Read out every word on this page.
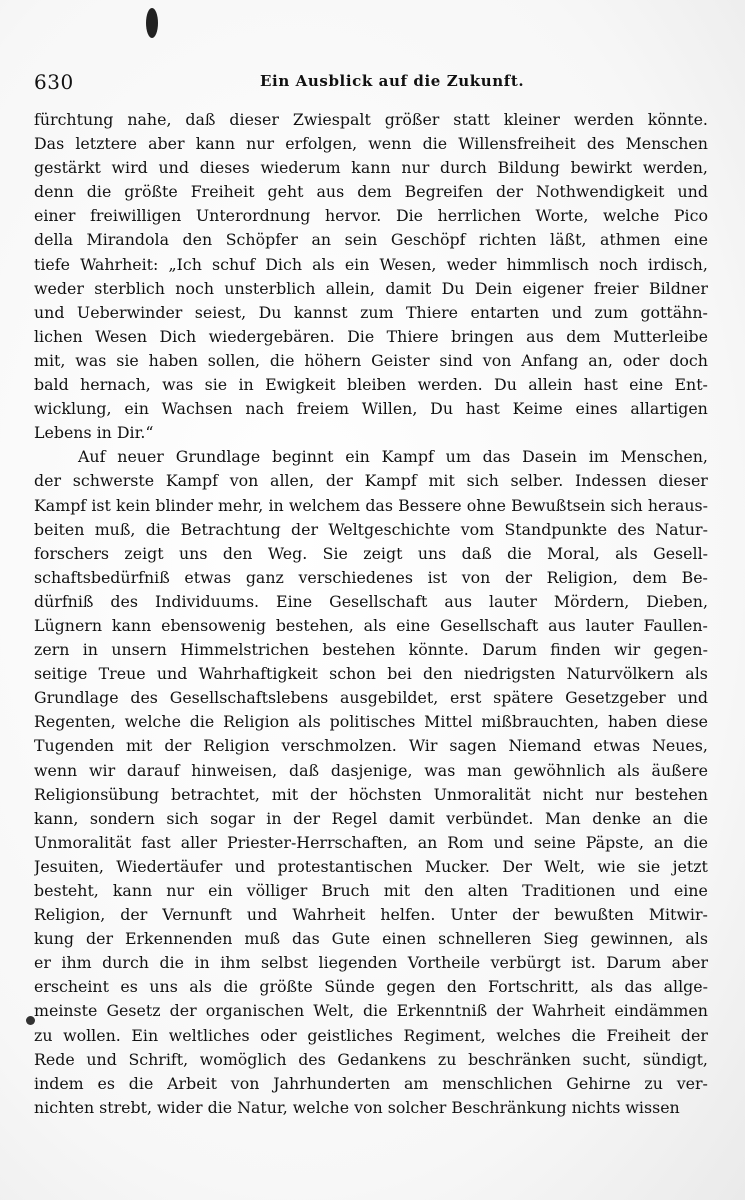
630	Ein Ausblick auf die Zukunft.
fürchtung nahe, daß dieser Zwiespalt größer statt kleiner werden könnte.
Das letztere aber kann nur erfolgen, wenn die Willensfreiheit des Menschen
gestärkt wird und dieses wiederum kann nur durch Bildung bewirkt werden,
denn die größte Freiheit geht aus dem Begreifen der Nothwendigkeit und
einer freiwilligen Unterordnung hervor. Die herrlichen Worte, welche Pico
della Mirandola den Schöpfer an sein Geschöpf richten läßt, athmen eine
tiefe Wahrheit: „Ich schuf Dich als ein Wesen, weder himmlisch noch irdisch,
weder sterblich noch unsterblich allein, damit Du Dein eigener freier Bildner
und Ueberwinder seiest, Du kannst zum Thiere entarten und zum gottähn-
lichen Wesen Dich wiedergebären. Die Thiere bringen aus dem Mutterleibe
mit, was sie haben sollen, die höhern Geister sind von Anfang an, oder doch
bald hernach, was sie in Ewigkeit bleiben werden. Du allein hast eine Ent-
wicklung, ein Wachsen nach freiem Willen, Du hast Keime eines allartigen
Lebens in Dir.“
Auf neuer Grundlage beginnt ein Kampf um das Dasein im Menschen,
der schwerste Kampf von allen, der Kampf mit sich selber. Indessen dieser
Kampf ist kein blinder mehr, in welchem das Bessere ohne Bewußtsein sich heraus-
beiten muß, die Betrachtung der Weltgeschichte vom Standpunkte des Natur-
forschers zeigt uns den Weg. Sie zeigt uns daß die Moral, als Gesell-
schaftsbedürfniß etwas ganz verschiedenes ist von der Religion, dem Be-
dürfniß des Individuums. Eine Gesellschaft aus lauter Mördern, Dieben,
Lügnern kann ebensowenig bestehen, als eine Gesellschaft aus lauter Faullen-
zern in unsern Himmelstrichen bestehen könnte. Darum finden wir gegen-
seitige Treue und Wahrhaftigkeit schon bei den niedrigsten Naturvölkern als
Grundlage des Gesellschaftslebens ausgebildet, erst spätere Gesetzgeber und
Regenten, welche die Religion als politisches Mittel mißbrauchten, haben diese
Tugenden mit der Religion verschmolzen. Wir sagen Niemand etwas Neues,
wenn wir darauf hinweisen, daß dasjenige, was man gewöhnlich als äußere
Religionsübung betrachtet, mit der höchsten Unmoralität nicht nur bestehen
kann, sondern sich sogar in der Regel damit verbündet. Man denke an die
Unmoralität fast aller Priester-Herrschaften, an Rom und seine Päpste, an die
Jesuiten, Wiedertäufer und protestantischen Mucker. Der Welt, wie sie jetzt
besteht, kann nur ein völliger Bruch mit den alten Traditionen und eine
Religion, der Vernunft und Wahrheit helfen. Unter der bewußten Mitwir-
kung der Erkennenden muß das Gute einen schnelleren Sieg gewinnen, als
er ihm durch die in ihm selbst liegenden Vortheile verbürgt ist. Darum aber
erscheint es uns als die größte Sünde gegen den Fortschritt, als das allge-
meinste Gesetz der organischen Welt, die Erkenntniß der Wahrheit eindämmen
zu wollen. Ein weltliches oder geistliches Regiment, welches die Freiheit der
Rede und Schrift, womöglich des Gedankens zu beschränken sucht, sündigt,
indem es die Arbeit von Jahrhunderten am menschlichen Gehirne zu ver-
nichten strebt, wider die Natur, welche von solcher Beschränkung nichts wissen
